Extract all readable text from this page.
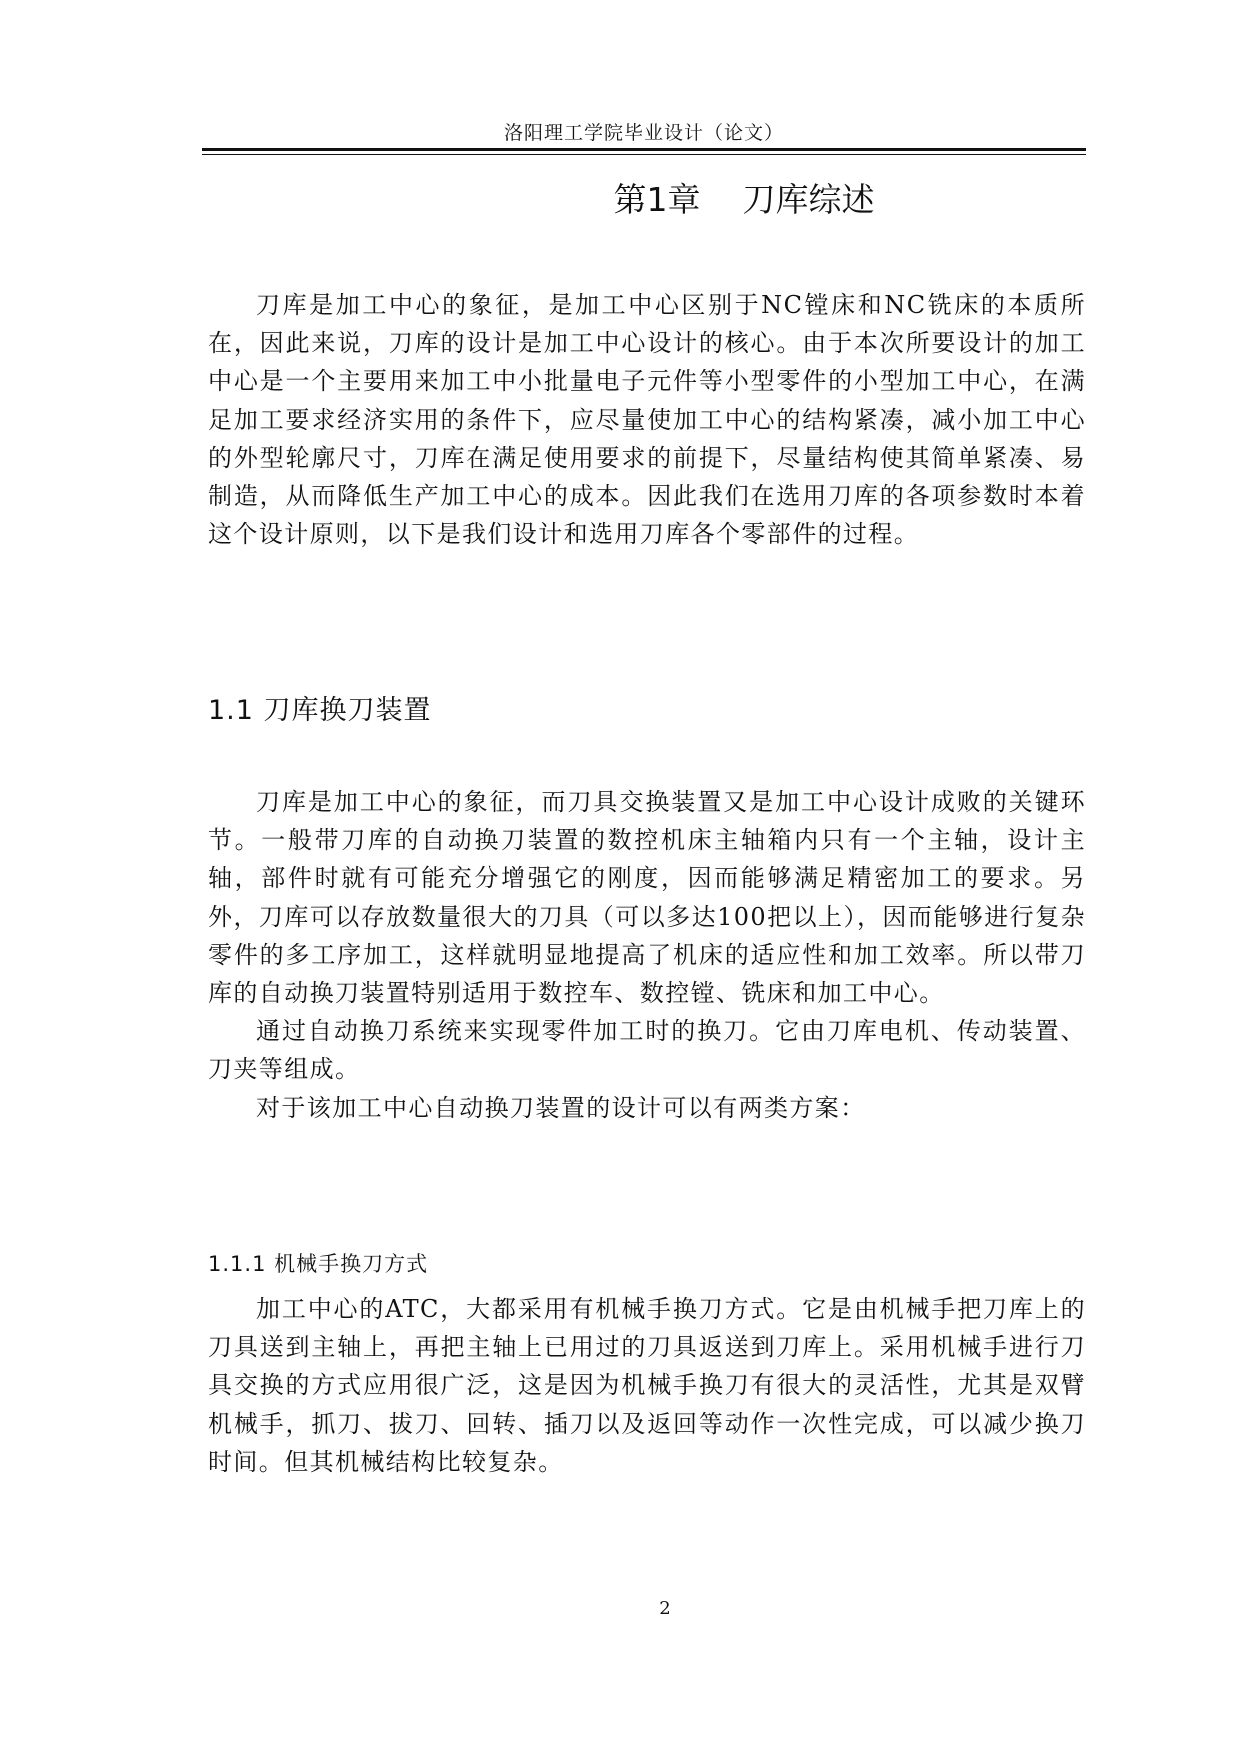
洛阳理工学院毕业设计（论文）
第1章    刀库综述

刀库是加工中心的象征，是加工中心区别于NC镗床和NC铣床的本质所在，因此来说，刀库的设计是加工中心设计的核心。由于本次所要设计的加工中心是一个主要用来加工中小批量电子元件等小型零件的小型加工中心，在满足加工要求经济实用的条件下，应尽量使加工中心的结构紧凑，减小加工中心的外型轮廓尺寸，刀库在满足使用要求的前提下，尽量结构使其简单紧凑、易制造，从而降低生产加工中心的成本。因此我们在选用刀库的各项参数时本着这个设计原则，以下是我们设计和选用刀库各个零部件的过程。

1.1 刀库换刀装置

刀库是加工中心的象征，而刀具交换装置又是加工中心设计成败的关键环节。一般带刀库的自动换刀装置的数控机床主轴箱内只有一个主轴，设计主轴，部件时就有可能充分增强它的刚度，因而能够满足精密加工的要求。另外，刀库可以存放数量很大的刀具（可以多达100把以上），因而能够进行复杂零件的多工序加工，这样就明显地提高了机床的适应性和加工效率。所以带刀库的自动换刀装置特别适用于数控车、数控镗、铣床和加工中心。

通过自动换刀系统来实现零件加工时的换刀。它由刀库电机、传动装置、刀夹等组成。

对于该加工中心自动换刀装置的设计可以有两类方案：

1.1.1 机械手换刀方式

加工中心的ATC，大都采用有机械手换刀方式。它是由机械手把刀库上的刀具送到主轴上，再把主轴上已用过的刀具返送到刀库上。采用机械手进行刀具交换的方式应用很广泛，这是因为机械手换刀有很大的灵活性，尤其是双臂机械手，抓刀、拔刀、回转、插刀以及返回等动作一次性完成，可以减少换刀时间。但其机械结构比较复杂。

2
